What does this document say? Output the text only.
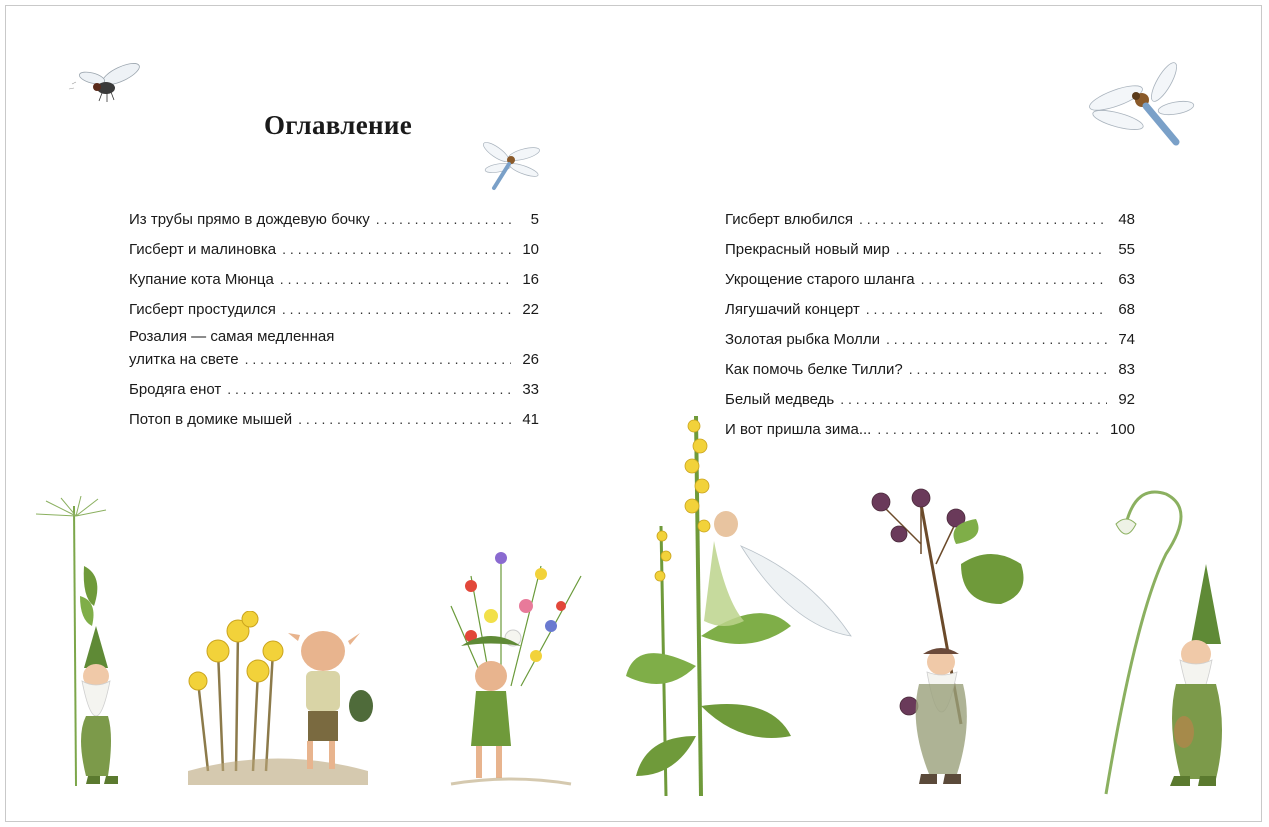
Оглавление
Из трубы прямо в дождевую бочку . . .	5
Гисберт и малиновка . . .	10
Купание кота Мюнца . . .	16
Гисберт простудился . . .	22
Розалия — самая медленная
улитка на свете . . .	26
Бродяга енот . . .	33
Потоп в домике мышей . . .	41
Гисберт влюбился . . .	48
Прекрасный новый мир . . .	55
Укрощение старого шланга . . .	63
Лягушачий концерт . . .	68
Золотая рыбка Молли . . .	74
Как помочь белке Тилли? . . .	83
Белый медведь . . .	92
И вот пришла зима... . . .	100
